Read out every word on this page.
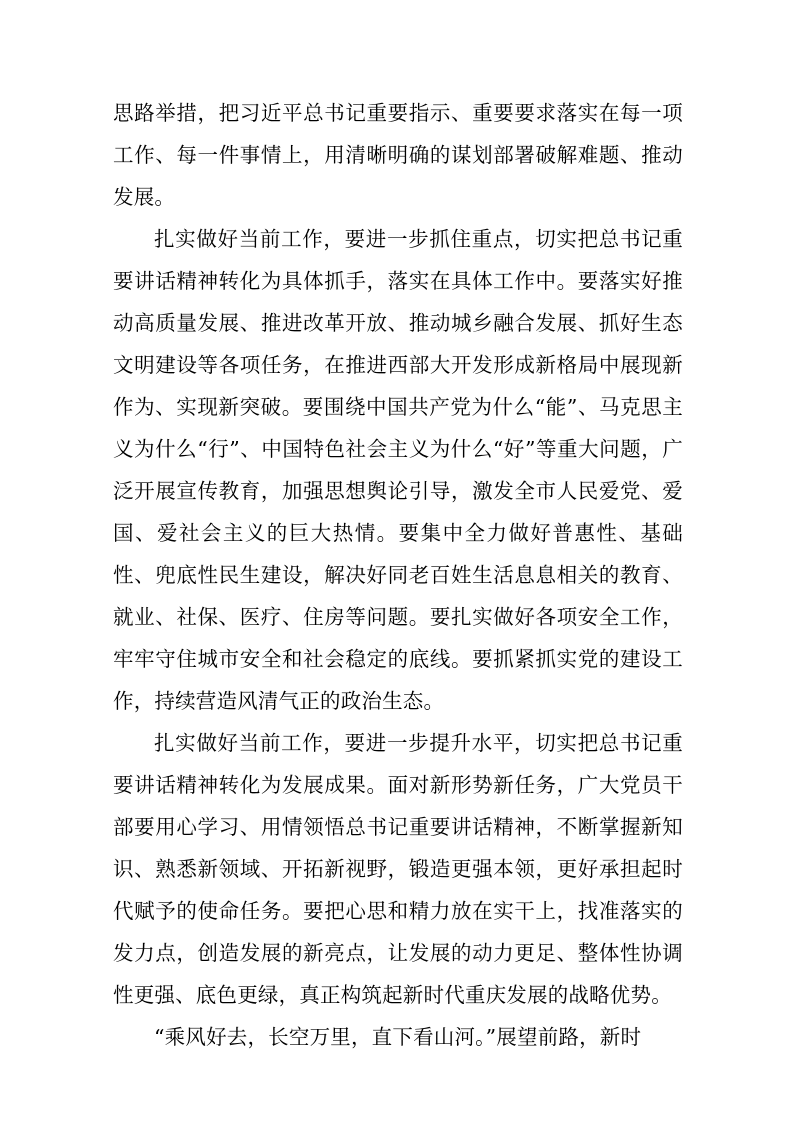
思路举措，把习近平总书记重要指示、重要要求落实在每一项工作、每一件事情上，用清晰明确的谋划部署破解难题、推动发展。

扎实做好当前工作，要进一步抓住重点，切实把总书记重要讲话精神转化为具体抓手，落实在具体工作中。要落实好推动高质量发展、推进改革开放、推动城乡融合发展、抓好生态文明建设等各项任务，在推进西部大开发形成新格局中展现新作为、实现新突破。要围绕中国共产党为什么“能”、马克思主义为什么“行”、中国特色社会主义为什么“好”等重大问题，广泛开展宣传教育，加强思想舆论引导，激发全市人民爱党、爱国、爱社会主义的巨大热情。要集中全力做好普惠性、基础性、兜底性民生建设，解决好同老百姓生活息息相关的教育、就业、社保、医疗、住房等问题。要扎实做好各项安全工作，牢牢守住城市安全和社会稳定的底线。要抓紧抓实党的建设工作，持续营造风清气正的政治生态。

扎实做好当前工作，要进一步提升水平，切实把总书记重要讲话精神转化为发展成果。面对新形势新任务，广大党员干部要用心学习、用情领悟总书记重要讲话精神，不断掌握新知识、熟悉新领域、开拓新视野，锻造更强本领，更好承担起时代赋予的使命任务。要把心思和精力放在实干上，找准落实的发力点，创造发展的新亮点，让发展的动力更足、整体性协调性更强、底色更绿，真正构筑起新时代重庆发展的战略优势。

“乘风好去，长空万里，直下看山河。”展望前路，新时
